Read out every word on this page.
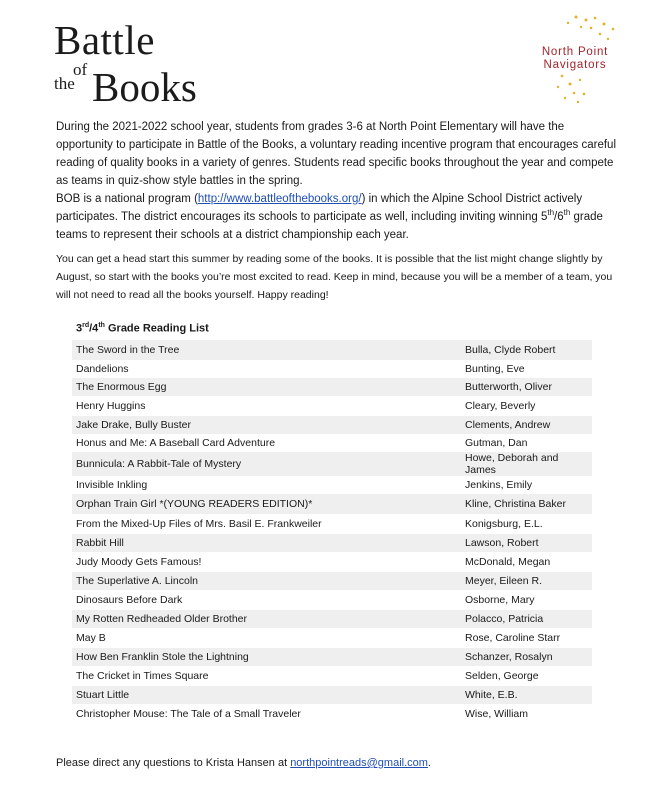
Battle
of
the Books
North Point
Navigators
During the 2021-2022 school year, students from grades 3-6 at North Point Elementary will have the opportunity to participate in Battle of the Books, a voluntary reading incentive program that encourages careful reading of quality books in a variety of genres. Students read specific books throughout the year and compete as teams in quiz-show style battles in the spring.
BOB is a national program (http://www.battleofthebooks.org/) in which the Alpine School District actively participates. The district encourages its schools to participate as well, including inviting winning 5th/6th grade teams to represent their schools at a district championship each year.
You can get a head start this summer by reading some of the books. It is possible that the list might change slightly by August, so start with the books you’re most excited to read. Keep in mind, because you will be a member of a team, you will not need to read all the books yourself. Happy reading!
3rd/4th Grade Reading List
The Sword in the Tree	Bulla, Clyde Robert
Dandelions	Bunting, Eve
The Enormous Egg	Butterworth, Oliver
Henry Huggins	Cleary, Beverly
Jake Drake, Bully Buster	Clements, Andrew
Honus and Me: A Baseball Card Adventure	Gutman, Dan
Bunnicula: A Rabbit-Tale of Mystery	Howe, Deborah and James
Invisible Inkling	Jenkins, Emily
Orphan Train Girl *(YOUNG READERS EDITION)*	Kline, Christina Baker
From the Mixed-Up Files of Mrs. Basil E. Frankweiler	Konigsburg, E.L.
Rabbit Hill	Lawson, Robert
Judy Moody Gets Famous!	McDonald, Megan
The Superlative A. Lincoln	Meyer, Eileen R.
Dinosaurs Before Dark	Osborne, Mary
My Rotten Redheaded Older Brother	Polacco, Patricia
May B	Rose, Caroline Starr
How Ben Franklin Stole the Lightning	Schanzer, Rosalyn
The Cricket in Times Square	Selden, George
Stuart Little	White, E.B.
Christopher Mouse: The Tale of a Small Traveler	Wise, William
Please direct any questions to Krista Hansen at northpointreads@gmail.com.
